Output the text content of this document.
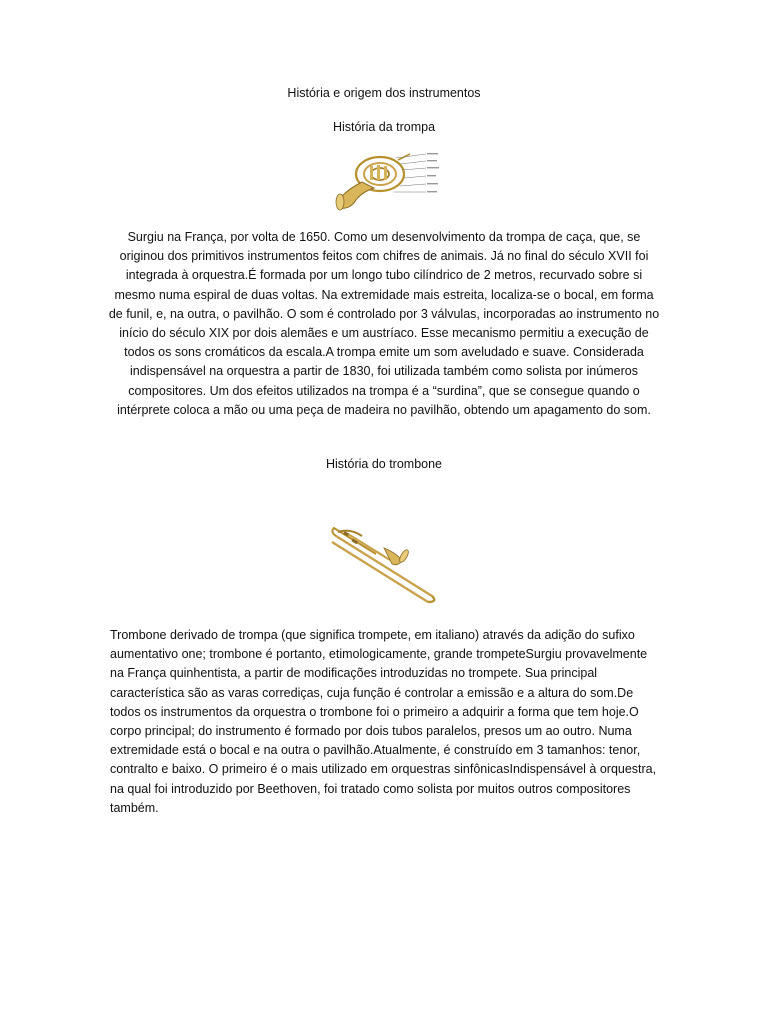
História e origem dos instrumentos
História da trompa
Surgiu na França, por volta de 1650. Como um desenvolvimento da trompa de caça, que, se originou dos primitivos instrumentos feitos com chifres de animais. Já no final do século XVII foi integrada à orquestra.É formada por um longo tubo cilíndrico de 2 metros, recurvado sobre si mesmo numa espiral de duas voltas. Na extremidade mais estreita, localiza-se o bocal, em forma de funil, e, na outra, o pavilhão. O som é controlado por 3 válvulas, incorporadas ao instrumento no início do século XIX por dois alemães e um austríaco. Esse mecanismo permitiu a execução de todos os sons cromáticos da escala.A trompa emite um som aveludado e suave. Considerada indispensável na orquestra a partir de 1830, foi utilizada também como solista por inúmeros compositores. Um dos efeitos utilizados na trompa é a “surdina”, que se consegue quando o intérprete coloca a mão ou uma peça de madeira no pavilhão, obtendo um apagamento do som.
História do trombone
Trombone derivado de trompa (que significa trompete, em italiano) através da adição do sufixo aumentativo one; trombone é portanto, etimologicamente, grande trompeteSurgiu provavelmente na França quinhentista, a partir de modificações introduzidas no trompete. Sua principal característica são as varas corrediças, cuja função é controlar a emissão e a altura do som.De todos os instrumentos da orquestra o trombone foi o primeiro a adquirir a forma que tem hoje.O corpo principal; do instrumento é formado por dois tubos paralelos, presos um ao outro. Numa extremidade está o bocal e na outra o pavilhão.Atualmente, é construído em 3 tamanhos: tenor, contralto e baixo. O primeiro é o mais utilizado em orquestras sinfônicasIndispensável à orquestra, na qual foi introduzido por Beethoven, foi tratado como solista por muitos outros compositores também.
